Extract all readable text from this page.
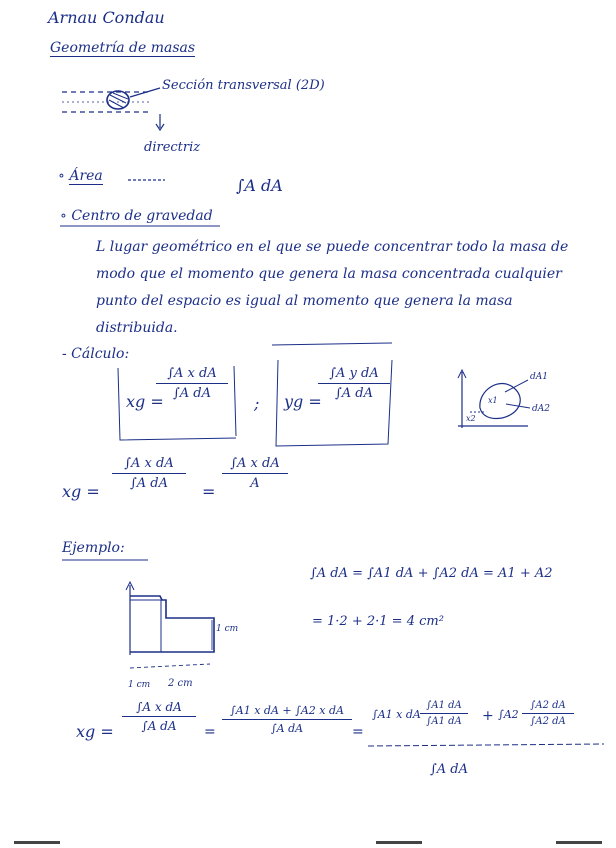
Arnau Condau
Geometría de masas
Sección transversal (2D)
directriz
∘ Área	∫A dA
∘ Centro de gravedad
L lugar geométrico en el que se puede concentrar todo la masa de modo que el momento que genera la masa concentrada cualquier punto del espacio es igual al momento que genera la masa distribuida.
- Cálculo:
xg =
∫A x dA
∫A dA
; yg =
∫A y dA
∫A dA
dA1
dA2
x1
x2
xg =
∫A x dA
∫A dA	=
∫A x dA
A
Ejemplo:
∫A dA = ∫A1 dA + ∫A2 dA = A1 + A2
= 1·2 + 2·1 = 4 cm²
1 cm
1 cm 2 cm
xg =
∫A x dA
∫A dA	=
∫A1 x dA + ∫A2 x dA
∫A dA	=
∫A1 x dA
∫A1 dA
∫A1 dA	+ ∫A2
∫A2 dA
∫A2 dA
∫A dA
